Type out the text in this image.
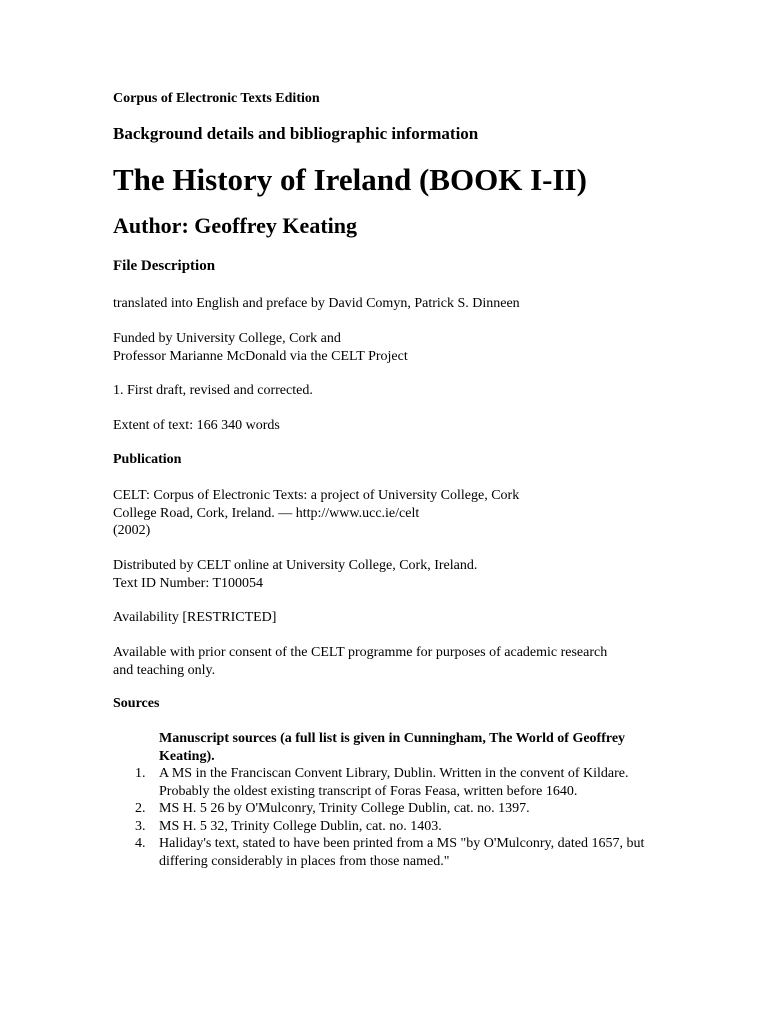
Corpus of Electronic Texts Edition

Background details and bibliographic information

The History of Ireland (BOOK I-II)
Author: Geoffrey Keating
File Description

translated into English and preface by David Comyn, Patrick S. Dinneen

Funded by University College, Cork and

Professor Marianne McDonald via the CELT Project

1. First draft, revised and corrected.

Extent of text: 166 340 words

Publication

CELT: Corpus of Electronic Texts: a project of University College, Cork

College Road, Cork, Ireland. — http://www.ucc.ie/celt

(2002)

Distributed by CELT online at University College, Cork, Ireland.

Text ID Number: T100054

Availability [RESTRICTED]

Available with prior consent of the CELT programme for purposes of academic research

and teaching only.

Sources

Manuscript sources (a full list is given in Cunningham, The World of Geoffrey Keating).

1. A MS in the Franciscan Convent Library, Dublin. Written in the convent of Kildare. Probably the oldest existing transcript of Foras Feasa, written before 1640.
2. MS H. 5 26 by O'Mulconry, Trinity College Dublin, cat. no. 1397.
3. MS H. 5 32, Trinity College Dublin, cat. no. 1403.
4. Haliday's text, stated to have been printed from a MS "by O'Mulconry, dated 1657, but differing considerably in places from those named."
